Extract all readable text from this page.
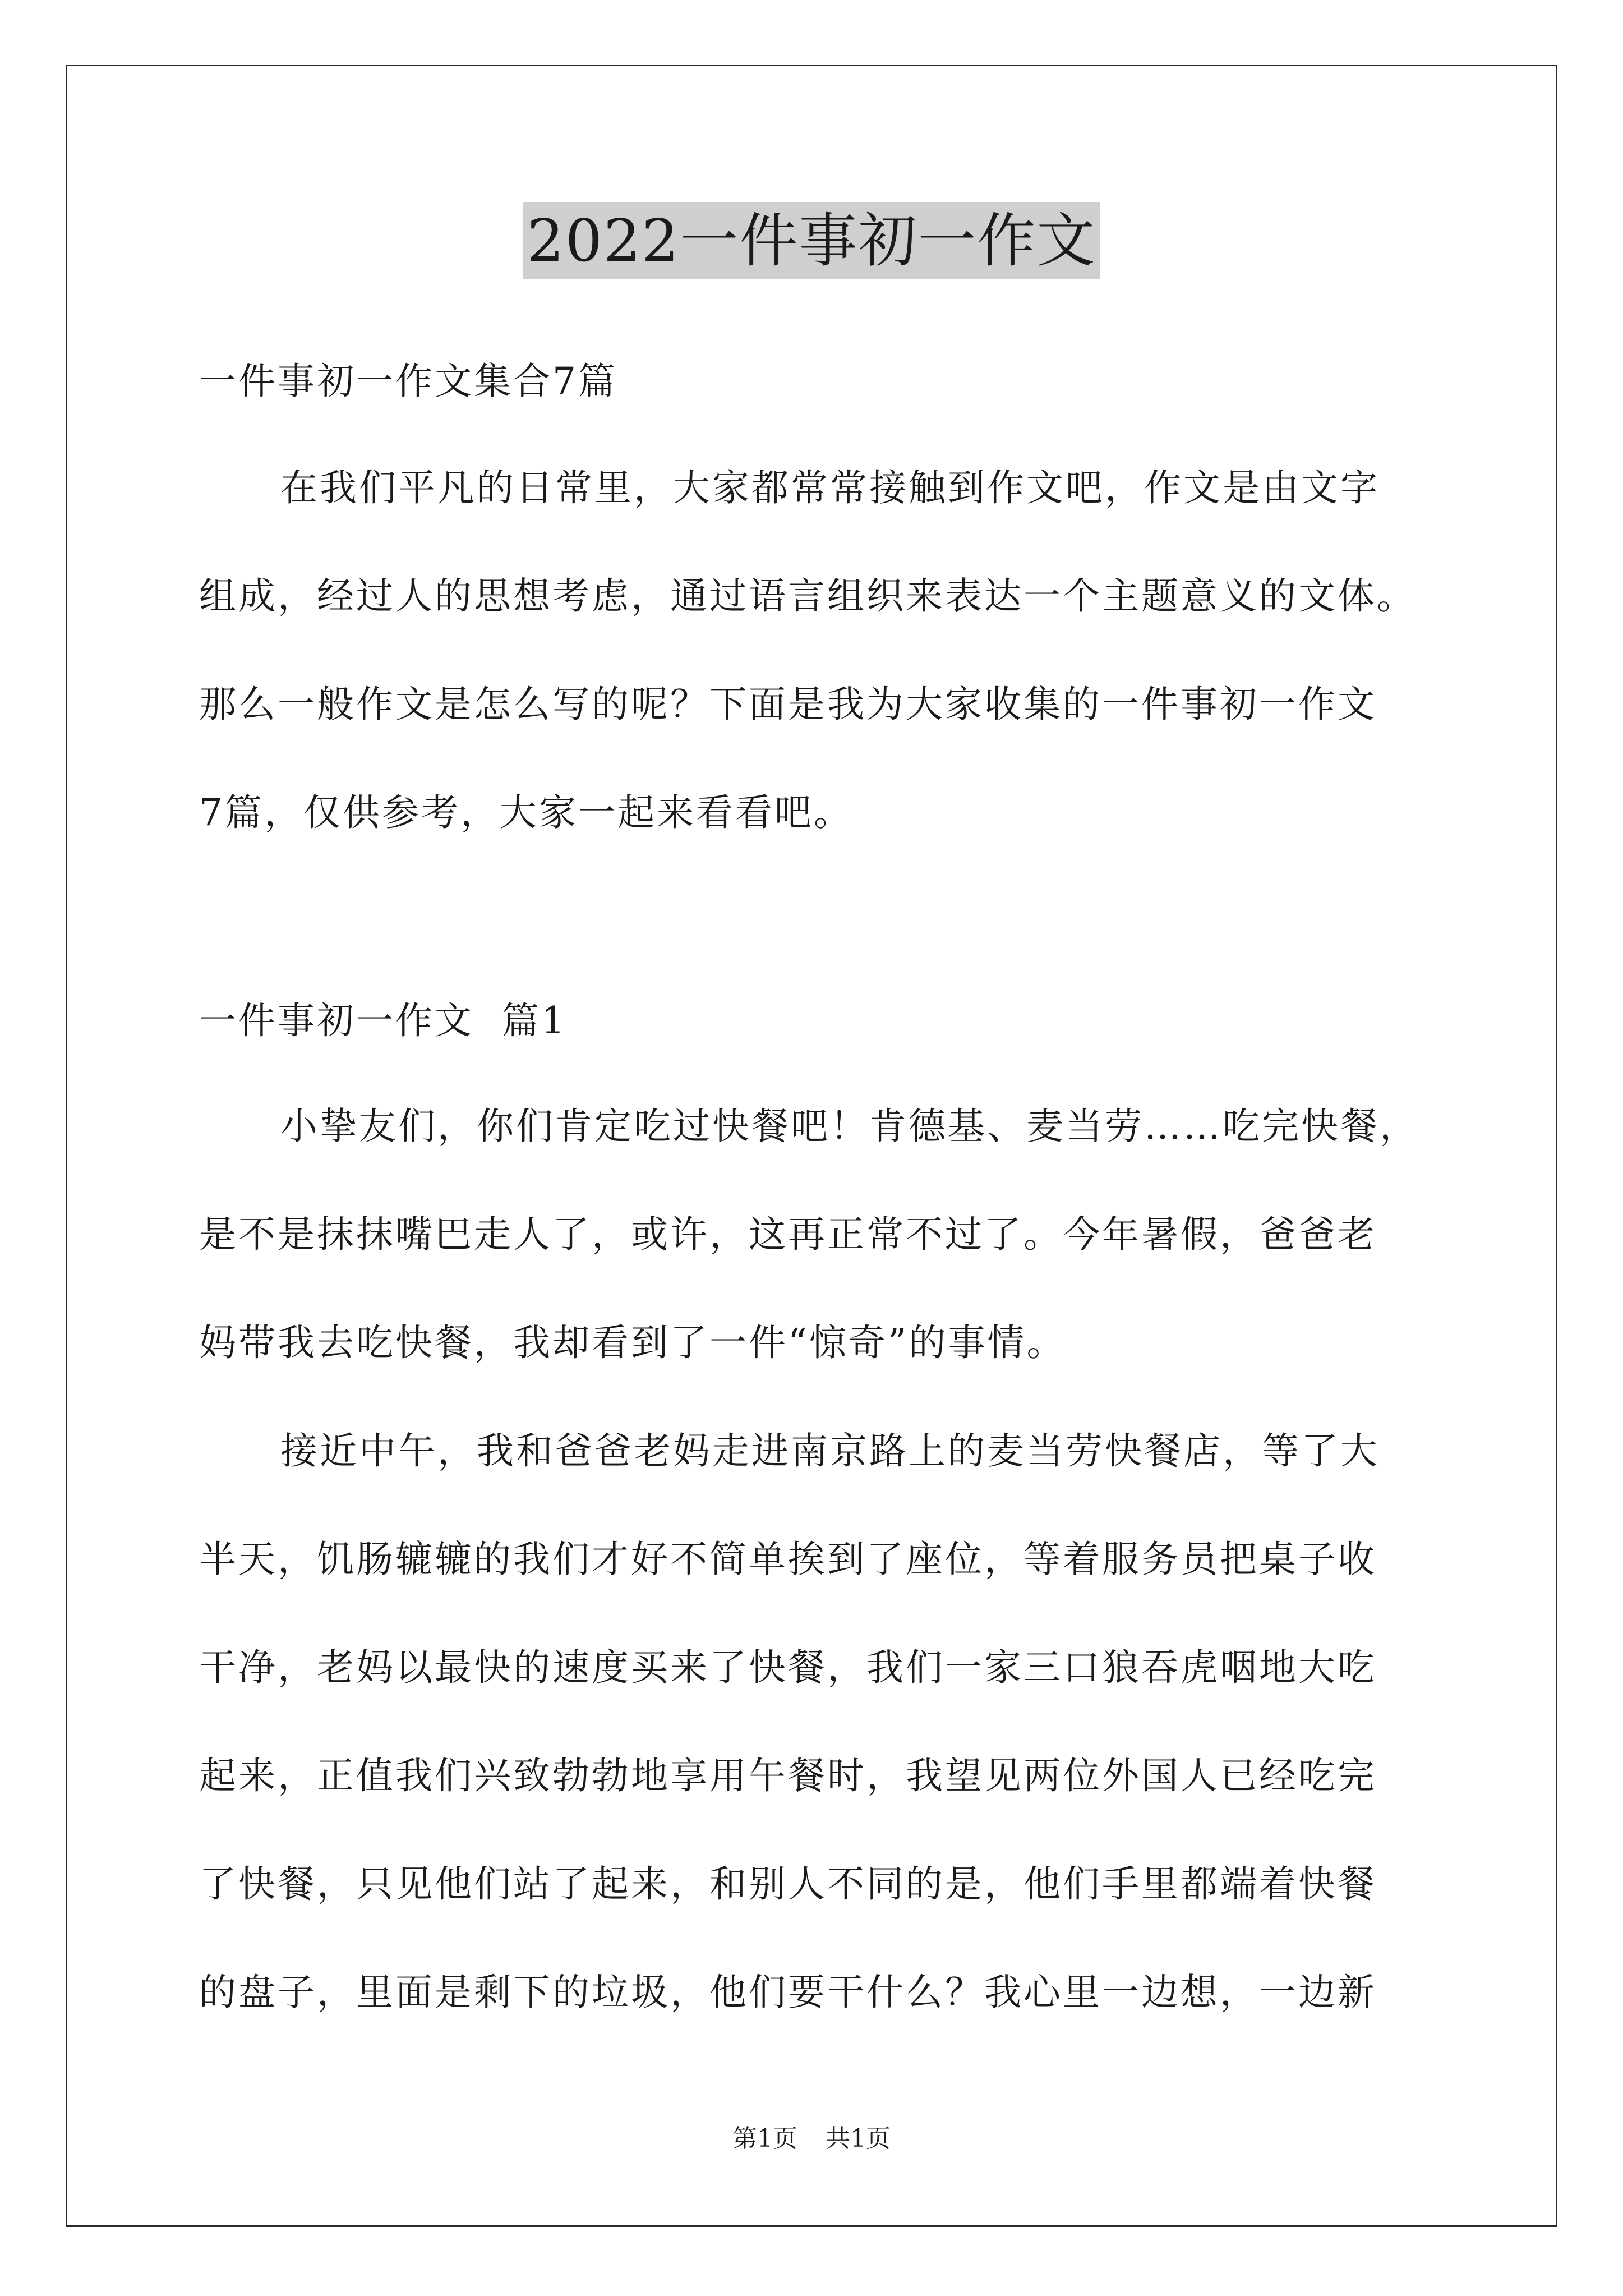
2022一件事初一作文
一件事初一作文集合7篇
在我们平凡的日常里，大家都常常接触到作文吧，作文是由文字
组成，经过人的思想考虑，通过语言组织来表达一个主题意义的文体。
那么一般作文是怎么写的呢？下面是我为大家收集的一件事初一作文
7篇，仅供参考，大家一起来看看吧。
一件事初一作文  篇1
小挚友们，你们肯定吃过快餐吧！肯德基、麦当劳……吃完快餐，
是不是抹抹嘴巴走人了，或许，这再正常不过了。今年暑假，爸爸老
妈带我去吃快餐，我却看到了一件“惊奇”的事情。
接近中午，我和爸爸老妈走进南京路上的麦当劳快餐店，等了大
半天，饥肠辘辘的我们才好不简单挨到了座位，等着服务员把桌子收
干净，老妈以最快的速度买来了快餐，我们一家三口狼吞虎咽地大吃
起来，正值我们兴致勃勃地享用午餐时，我望见两位外国人已经吃完
了快餐，只见他们站了起来，和别人不同的是，他们手里都端着快餐
的盘子，里面是剩下的垃圾，他们要干什么？我心里一边想，一边新
第1页 共1页
